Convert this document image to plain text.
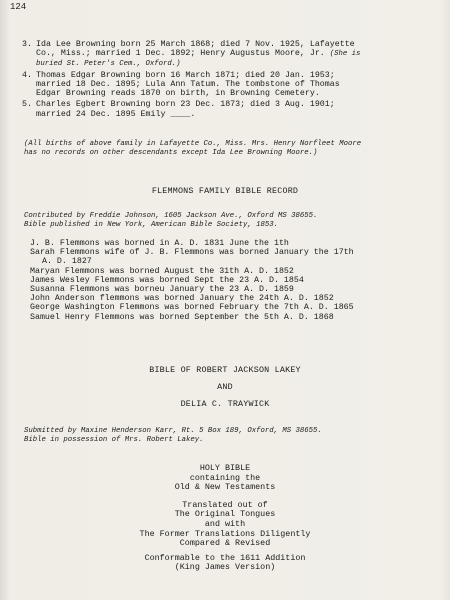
124
3. Ida Lee Browning born 25 March 1868; died 7 Nov. 1925, Lafayette
Co., Miss.; married 1 Dec. 1892; Henry Augustus Moore, Jr. (She is
buried St. Peter's Cem., Oxford.)
4. Thomas Edgar Browning born 16 March 1871; died 20 Jan. 1953;
married 18 Dec. 1895; Lula Ann Tatum. The tombstone of Thomas
Edgar Browning reads 1870 on birth, in Browning Cemetery.
5. Charles Egbert Browning born 23 Dec. 1873; died 3 Aug. 1901;
married 24 Dec. 1895 Emily ____.
(All births of above family in Lafayette Co., Miss. Mrs. Henry Norfleet Moore
has no records on other descendants except Ida Lee Browning Moore.)
FLEMMONS FAMILY BIBLE RECORD
Contributed by Freddie Johnson, 1605 Jackson Ave., Oxford MS 38655.
Bible published in New York, American Bible Society, 1853.
J. B. Flemmons was borned in A. D. 1831 June the 1th
Sarah Flemmons wife of J. B. Flemmons was borned January the 17th
A. D. 1827
Maryan Flemmons was borned August the 31th A. D. 1852
James Wesley Flemmons was borned Sept the 23 A. D. 1854
Susanna Flemmons was borneu January the 23 A. D. 1859
John Anderson flemmons was borned January the 24th A. D. 1852
George Washington Flemmons was borned February the 7th A. D. 1865
Samuel Henry Flemmons was borned September the 5th A. D. 1868
BIBLE OF ROBERT JACKSON LAKEY
AND
DELIA C. TRAYWICK
Submitted by Maxine Henderson Karr, Rt. 5 Box 189, Oxford, MS 38655.
Bible in possession of Mrs. Robert Lakey.
HOLY BIBLE
containing the
Old & New Testaments
Translated out of
The Original Tongues
and with
The Former Translations Diligently
Compared & Revised
Conformable to the 1611 Addition
(King James Version)
